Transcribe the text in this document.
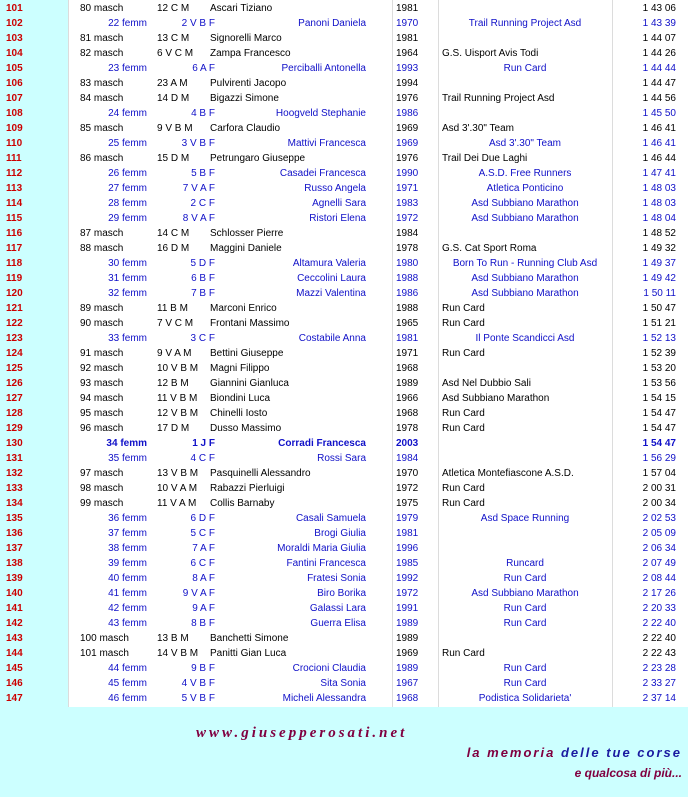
101	80 masch	12 C M Ascari Tiziano	1981	1 43 06
102	22 femm	2 V B F	Panoni Daniela	1970	Trail Running Project Asd	1 43 39
103	81 masch	13 C M Signorelli Marco	1981	1 44 07
104	82 masch	6 V C M Zampa Francesco	1964 G.S. Uisport Avis Todi	1 44 26
105	23 femm	6 A F	Perciballi Antonella	1993	Run Card	1 44 44
106	83 masch	23 A M Pulvirenti Jacopo	1994	1 44 47
107	84 masch	14 D M Bigazzi Simone	1976 Trail Running Project Asd	1 44 56
108	24 femm	4 B F	Hoogveld Stephanie	1986	1 45 50
109	85 masch	9 V B M Carfora Claudio	1969 Asd 3'.30" Team	1 46 41
110	25 femm	3 V B F	Mattivi Francesca	1969	Asd 3'.30" Team	1 46 41
111	86 masch	15 D M Petrungaro Giuseppe	1976 Trail Dei Due Laghi	1 46 44
112	26 femm	5 B F	Casadei Francesca	1990	A.S.D. Free Runners	1 47 41
113	27 femm	7 V A F	Russo Angela	1971	Atletica Ponticino	1 48 03
114	28 femm	2 C F	Agnelli Sara	1983	Asd Subbiano Marathon	1 48 03
115	29 femm	8 V A F	Ristori Elena	1972	Asd Subbiano Marathon	1 48 04
116	87 masch	14 C M Schlosser Pierre	1984	1 48 52
117	88 masch	16 D M Maggini Daniele	1978 G.S. Cat Sport Roma	1 49 32
118	30 femm	5 D F	Altamura Valeria	1980	Born To Run - Running Club Asd	1 49 37
119	31 femm	6 B F	Ceccolini Laura	1988	Asd Subbiano Marathon	1 49 42
120	32 femm	7 B F	Mazzi Valentina	1986	Asd Subbiano Marathon	1 50 11
121	89 masch	11 B M Marconi Enrico	1988 Run Card	1 50 47
122	90 masch	7 V C M Frontani Massimo	1965 Run Card	1 51 21
123	33 femm	3 C F	Costabile Anna	1981	Il Ponte Scandicci Asd	1 52 13
124	91 masch	9 V A M Bettini Giuseppe	1971 Run Card	1 52 39
125	92 masch	10 V B M Magni Filippo	1968	1 53 20
126	93 masch	12 B M Giannini Gianluca	1989 Asd Nel Dubbio Sali	1 53 56
127	94 masch	11 V B M Biondini Luca	1966 Asd Subbiano Marathon	1 54 15
128	95 masch	12 V B M Chinelli Iosto	1968 Run Card	1 54 47
129	96 masch	17 D M Dusso Massimo	1978 Run Card	1 54 47
130	34 femm	1 J F	Corradi Francesca	2003	1 54 47
131	35 femm	4 C F	Rossi Sara	1984	1 56 29
132	97 masch	13 V B M Pasquinelli Alessandro	1970 Atletica Montefiascone A.S.D.	1 57 04
133	98 masch	10 V A M Rabazzi Pierluigi	1972 Run Card	2 00 31
134	99 masch	11 V A M Collis Barnaby	1975 Run Card	2 00 34
135	36 femm	6 D F	Casali Samuela	1979	Asd Space Running	2 02 53
136	37 femm	5 C F	Brogi Giulia	1981	2 05 09
137	38 femm	7 A F	Moraldi Maria Giulia	1996	2 06 34
138	39 femm	6 C F	Fantini Francesca	1985	Runcard	2 07 49
139	40 femm	8 A F	Fratesi Sonia	1992	Run Card	2 08 44
140	41 femm	9 V A F	Biro Borika	1972	Asd Subbiano Marathon	2 17 26
141	42 femm	9 A F	Galassi Lara	1991	Run Card	2 20 33
142	43 femm	8 B F	Guerra Elisa	1989	Run Card	2 22 40
143	100 masch	13 B M Banchetti Simone	1989	2 22 40
144	101 masch	14 V B M Panitti Gian Luca	1969 Run Card	2 22 43
145	44 femm	9 B F	Crocioni Claudia	1989	Run Card	2 23 28
146	45 femm	4 V B F	Sita Sonia	1967	Run Card	2 33 27
147	46 femm	5 V B F	Micheli Alessandra	1968	Podistica Solidarieta'	2 37 14
www.giusepperosati.net
la memoria delle tue corse
e qualcosa di più...
